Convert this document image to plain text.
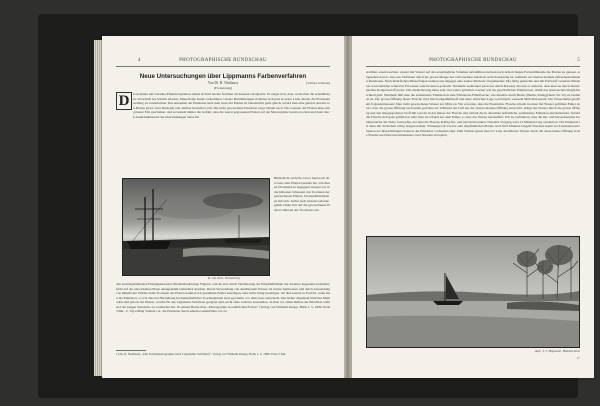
4	PHOTOGRAPHISCHE RUNDSCHAU
Neue Untersuchungen über Lippmanns Farbenverfahren
Von Dr. R. Neuhauss	(Schluss verboten)
(Fortsetzung)
D	ie Arbeiten mit Gelatine-Emulsionsplatten ziehen sich im letzten Sommer als äusserst erfolgreich. Es zeigte sich, dass, wenn man die sensibilisierte Vorschrift bei Schnell arbeitet, Misserfolge kaum vorkommen. Unsere Bestimmungen richteten sich jetzt in erster Linie darauf, die Platteneinstellung zu vereinfachen. Das Aussehen der Emulsion nach dem Guss der Platten ist bekanntlich ganz gleich, sobald man eine gehörte Anzahl von Platten (etwa zwei Dutzend) und darüber herstellen will. Die nicht gewaschene Emulsion zeigt schnell nach. Das Giessen der Platten muss mit grösster Eile geschehen, und es besteht immer die Gefahr, dass die zuerst gegossenen Platten auf der Mercurplatte bereits trocken und dann durch Auskristallisieren der überschüssigen Salze für
R. von Zech, Vorhetsberg
Bildschicht verderbt, bevor man noch den Guss aller Platten beendet hat. Um diesen Übelstand zu begegnen, liessen wir in der kältesten Jahreszeit das Trocknen der gewaschenen Platten, Unannehmlichkeiten mit sich. Selbst nach bestem Gelatinegehalt bildet sich auf die gewaschenen Platten während des Trocknens aus
den zurückgebliebenen Flüssigkeitsresten Bromsilberkörnige Figuren, welche sich durch Veränderung der Empfindlichkeit der darunter liegenden Gelatineschicht auf der entwickelten Platte unangenehm bemerkbar machen. Durch Verwendung von destilliertem Wasser als letztes Spülwasser und durch Anwendung von künstlicher Wärme beim Trocknen der Platten konnten wir gesammte Fehler beseitigen, aber nicht völlig beseitigen. All dies konnte in Fortfall, wenn man die Emulsion, so wie dies bei Herstellung hochempfindlicher Trockenplatten stets geschieht, vor dem Guss auswäscht. Die bisher allgemein üblichen Methoden sind jedoch bei Platten, welche für das Lippmann-Verfahren geeignet sind, nicht ohne weiteres anwendbar, da man vor allem Reiben der Emulsion während des langen Waschens zu vermeiden hat. In seinem Buche über „Photographie in natürlichen Farben“ (Verlag von Wilhelm Knapp, Halle a. S. 1894, Preis 3 Mk., S. 34) schlägt Valenta vor, die Emulsion durch Alkohol auszufällen, bis zu
1) Dr. R. Neuhauss, „Die Farbenphotographie nach Lippmanns Verfahren“. Verlag von Wilhelm Knapp, Halle a. S. 1898. Preis 5 Mk.
PHOTOGRAPHISCHE RUNDSCHAU	5
erstillen, auszuwaschen, wieder mit Wasser auf das ursprüngliche Volumen aufzufüllen und nun nach dem richtigen Farbenfilmende die Platten zu giessen. Abgesehen davon, dass das Verfahren durch die grosse Menge des verbrauchten Alkohols recht kostspielig ist, kommen wir hierbei niemals zufriedenstellenden Resultaten. Nach mehrfachen Misserfolgen trennen uns dagegen eine andere Methode Vorgehenden: Die fertig gemachte und mit Farbstoff versetzte Emulsion wird zunächst schnell in Eiswasser zum Erstarren gebracht. Nunmehr zerkleinert (statt nur durch Pressen) das nun so dadurch, dass man sie durch hinreichenden Kongressstoff presst. Die Zerkleinerung muss sehr viel weiter getrieben werden wie bei gewöhnlichen Emulsionen, damit das Auswaschen möglichst schnell geht. Nunmehr füllt man die zerkleinerte Emulsion in eine Emulsions-Filterflasche, wie dieselbe durch Bruno (Berlin, Königgrätzer Str. 91) zu beziehen ist. Die grosse Öffnung dieser Flasche wird mit Korkgummistoff und einer einfachen Lage von feinem, weissem Mull überspannt. Der Wasserhahn geschieht folgendermassen: Man treibt gewaschenes Wasser zur Mitte zu. Wir erwarten, dass die Eisenbahn- Flasche schnell in einen mit Wasser gefüllten Eimer derart, dass die grosse Öffnung nach unten gerichtet ist. Während der Luft aus der oberen kleinen Öffnung entweicht, dringt das Wasser durch die grosse Öffnung und den übergespannten Stoff mit Gewalt in das Innere der Flasche und wirbelt die in derselben befindliche, zerkleinerte Emulsion durcheinander. Sobald die Flasche sich ganz gefüllt hat, hebt man sie schnell aus dem Eimer, so dass das Wasser herausläuft. Um zu verhindern, dass die hin- und herspritzenden Gelatinestücke die Siebe verstopfen, hat man die Flasche kräftig hin- und herzuschwenken. Derselbe Vorgang wird 13 Minuten lang wiederholt. Die Emulsion ist dann mit Sicherheit völlig ausgewaschen. Wirkungsvoll wie bei sehr empfindlichen Platten nach fünf Minuten langem Waschen kaum noch nennenswerte Spuren der überschüssigen Salze in der Emulsion vorhanden sind. Zum Schluss giesst man 0,5 Liter destilliertes Wasser durch die obere kleine Öffnung in die Flasche und lässt nun mindestens zwei Stunden abtropfen,
Aufn. T. J. Hopmann, Hammerbach
1*
